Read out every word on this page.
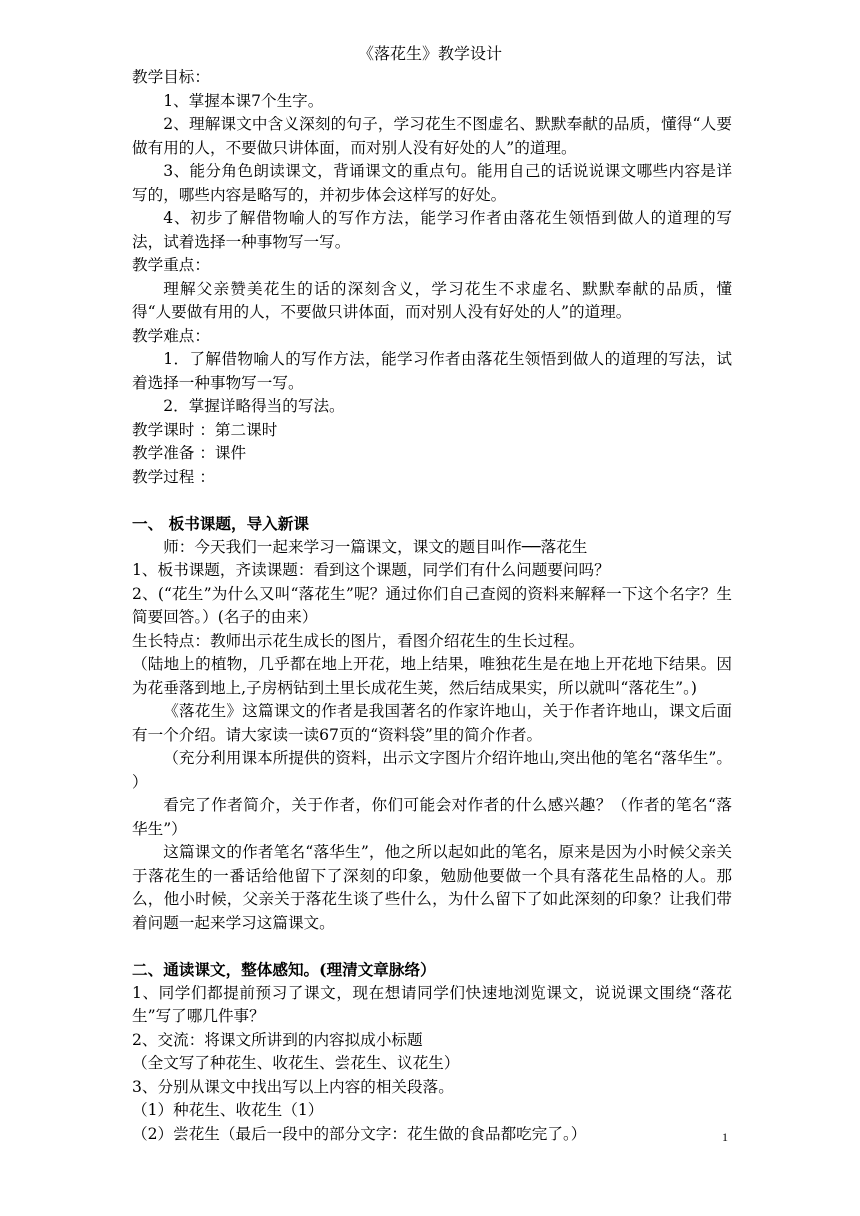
《落花生》教学设计

教学目标：

1、掌握本课7个生字。

2、理解课文中含义深刻的句子，学习花生不图虚名、默默奉献的品质，懂得“人要做有用的人，不要做只讲体面，而对别人没有好处的人”的道理。

3、能分角色朗读课文，背诵课文的重点句。能用自己的话说说课文哪些内容是详写的，哪些内容是略写的，并初步体会这样写的好处。

4、初步了解借物喻人的写作方法，能学习作者由落花生领悟到做人的道理的写法，试着选择一种事物写一写。

教学重点：

理解父亲赞美花生的话的深刻含义，学习花生不求虚名、默默奉献的品质，懂得“人要做有用的人，不要做只讲体面，而对别人没有好处的人”的道理。

教学难点：

1．了解借物喻人的写作方法，能学习作者由落花生领悟到做人的道理的写法，试着选择一种事物写一写。

2．掌握详略得当的写法。

教学课时 ：第二课时

教学准备 ：课件

教学过程 ：

一、 板书课题，导入新课

师：今天我们一起来学习一篇课文，课文的题目叫作──落花生

1、板书课题，齐读课题：看到这个课题，同学们有什么问题要问吗？

2、(“花生”为什么又叫“落花生”呢？通过你们自己查阅的资料来解释一下这个名字？生简要回答。）(名子的由来）

生长特点：教师出示花生成长的图片，看图介绍花生的生长过程。

（陆地上的植物，几乎都在地上开花，地上结果，唯独花生是在地上开花地下结果。因为花垂落到地上,子房柄钻到土里长成花生荚，然后结成果实，所以就叫“落花生”。)

《落花生》这篇课文的作者是我国著名的作家许地山，关于作者许地山，课文后面有一个介绍。请大家读一读67页的“资料袋”里的简介作者。

（充分利用课本所提供的资料，出示文字图片介绍许地山,突出他的笔名“落华生”。 ）

看完了作者简介，关于作者，你们可能会对作者的什么感兴趣？（作者的笔名“落华生”）

这篇课文的作者笔名“落华生”，他之所以起如此的笔名，原来是因为小时候父亲关于落花生的一番话给他留下了深刻的印象，勉励他要做一个具有落花生品格的人。那么，他小时候，父亲关于落花生谈了些什么，为什么留下了如此深刻的印象？让我们带着问题一起来学习这篇课文。

二、通读课文，整体感知。(理清文章脉络）

1、同学们都提前预习了课文，现在想请同学们快速地浏览课文，说说课文围绕“落花生”写了哪几件事？

2、交流：将课文所讲到的内容拟成小标题

（全文写了种花生、收花生、尝花生、议花生）

3、分别从课文中找出写以上内容的相关段落。

（1）种花生、收花生（1）

（2）尝花生（最后一段中的部分文字：花生做的食品都吃完了。）	1
